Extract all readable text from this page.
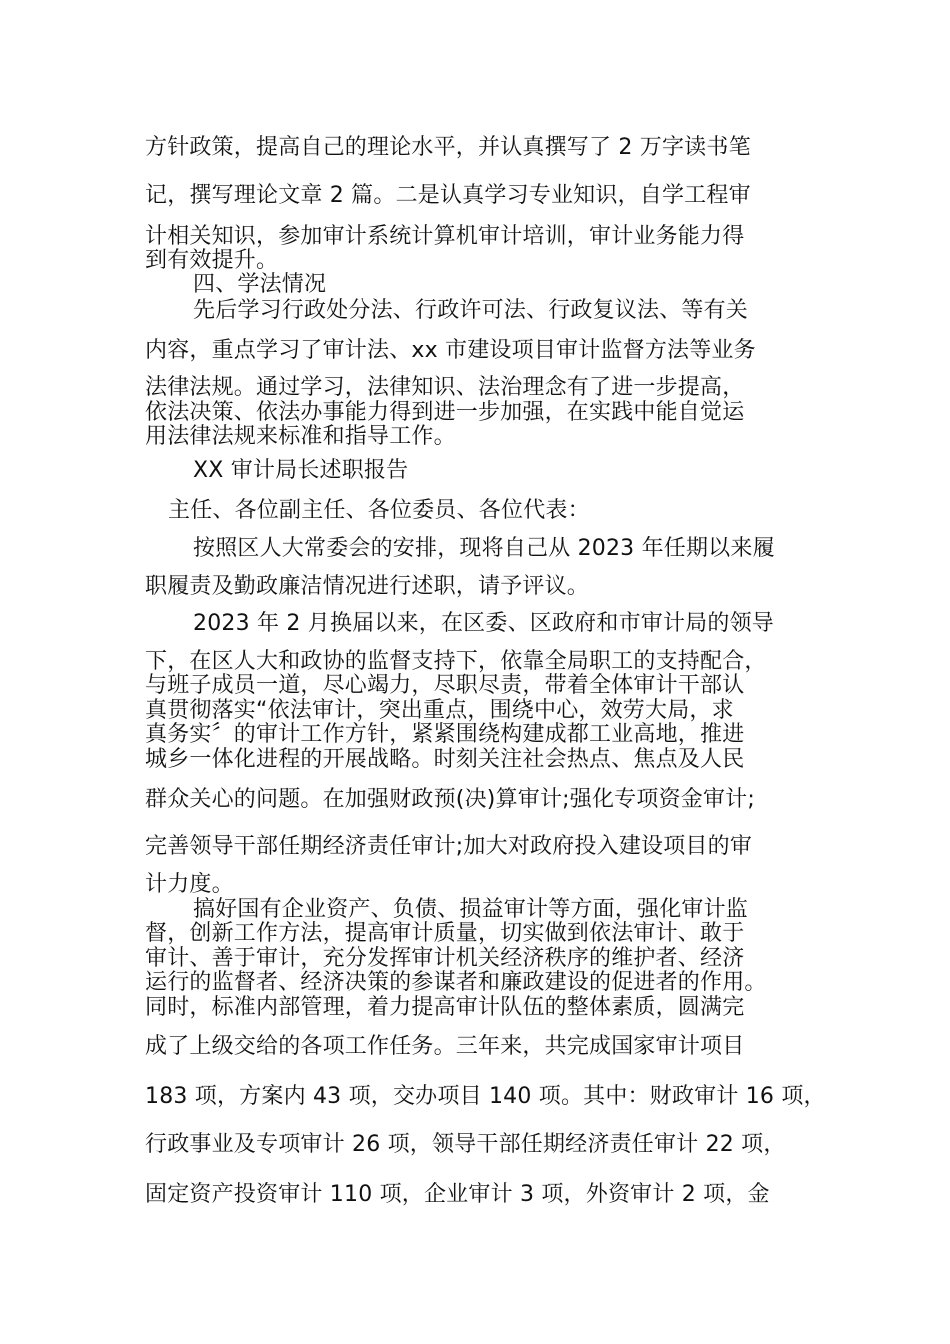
方针政策，提高自己的理论水平，并认真撰写了 2 万字读书笔
记，撰写理论文章 2 篇。二是认真学习专业知识，自学工程审
计相关知识，参加审计系统计算机审计培训，审计业务能力得
到有效提升。
四、学法情况
先后学习行政处分法、行政许可法、行政复议法、等有关
内容，重点学习了审计法、xx 市建设项目审计监督方法等业务
法律法规。通过学习，法律知识、法治理念有了进一步提高，
依法决策、依法办事能力得到进一步加强，在实践中能自觉运
用法律法规来标准和指导工作。
XX 审计局长述职报告
主任、各位副主任、各位委员、各位代表：
按照区人大常委会的安排，现将自己从 2023 年任期以来履
职履责及勤政廉洁情况进行述职，请予评议。
2023 年 2 月换届以来，在区委、区政府和市审计局的领导
下，在区人大和政协的监督支持下，依靠全局职工的支持配合，
与班子成员一道，尽心竭力，尽职尽责，带着全体审计干部认
真贯彻落实“依法审计，突出重点，围绕中心，效劳大局，求
真务实〞的审计工作方针，紧紧围绕构建成都工业高地，推进
城乡一体化进程的开展战略。时刻关注社会热点、焦点及人民
群众关心的问题。在加强财政预(决)算审计;强化专项资金审计;
完善领导干部任期经济责任审计;加大对政府投入建设项目的审
计力度。
搞好国有企业资产、负债、损益审计等方面，强化审计监
督，创新工作方法，提高审计质量，切实做到依法审计、敢于
审计、善于审计，充分发挥审计机关经济秩序的维护者、经济
运行的监督者、经济决策的参谋者和廉政建设的促进者的作用。
同时，标准内部管理，着力提高审计队伍的整体素质，圆满完
成了上级交给的各项工作任务。三年来，共完成国家审计项目
183 项，方案内 43 项，交办项目 140 项。其中：财政审计 16 项，
行政事业及专项审计 26 项，领导干部任期经济责任审计 22 项，
固定资产投资审计 110 项，企业审计 3 项，外资审计 2 项，金
